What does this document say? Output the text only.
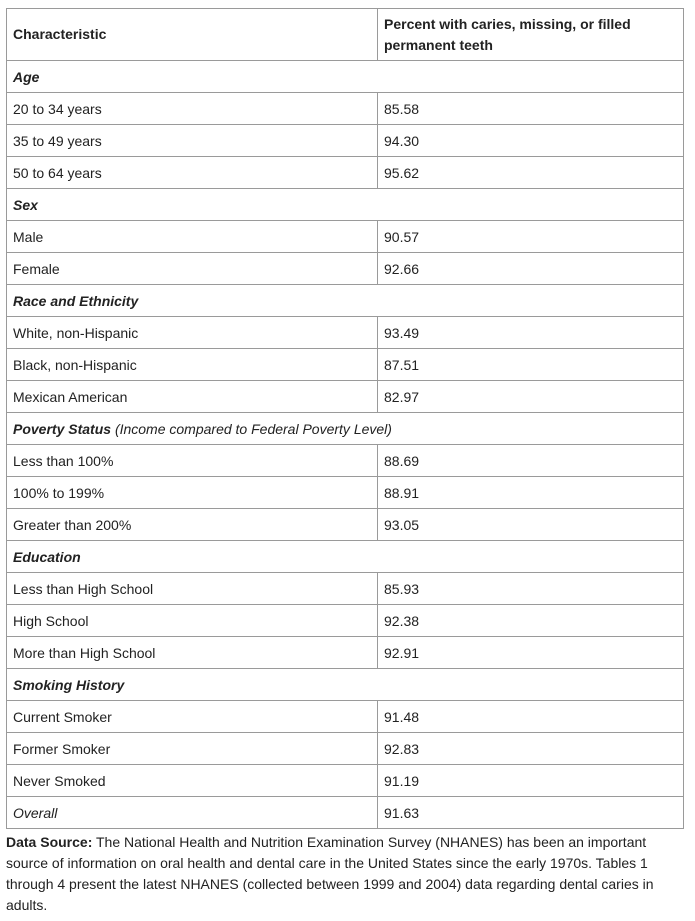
Characteristic	Percent with caries, missing, or filled permanent teeth
Age	
20 to 34 years	85.58
35 to 49 years	94.30
50 to 64 years	95.62
Sex	
Male	90.57
Female	92.66
Race and Ethnicity	
White, non-Hispanic	93.49
Black, non-Hispanic	87.51
Mexican American	82.97
Poverty Status (Income compared to Federal Poverty Level)	
Less than 100%	88.69
100% to 199%	88.91
Greater than 200%	93.05
Education	
Less than High School	85.93
High School	92.38
More than High School	92.91
Smoking History	
Current Smoker	91.48
Former Smoker	92.83
Never Smoked	91.19
Overall	91.63
Data Source: The National Health and Nutrition Examination Survey (NHANES) has been an important source of information on oral health and dental care in the United States since the early 1970s. Tables 1 through 4 present the latest NHANES (collected between 1999 and 2004) data regarding dental caries in adults.
